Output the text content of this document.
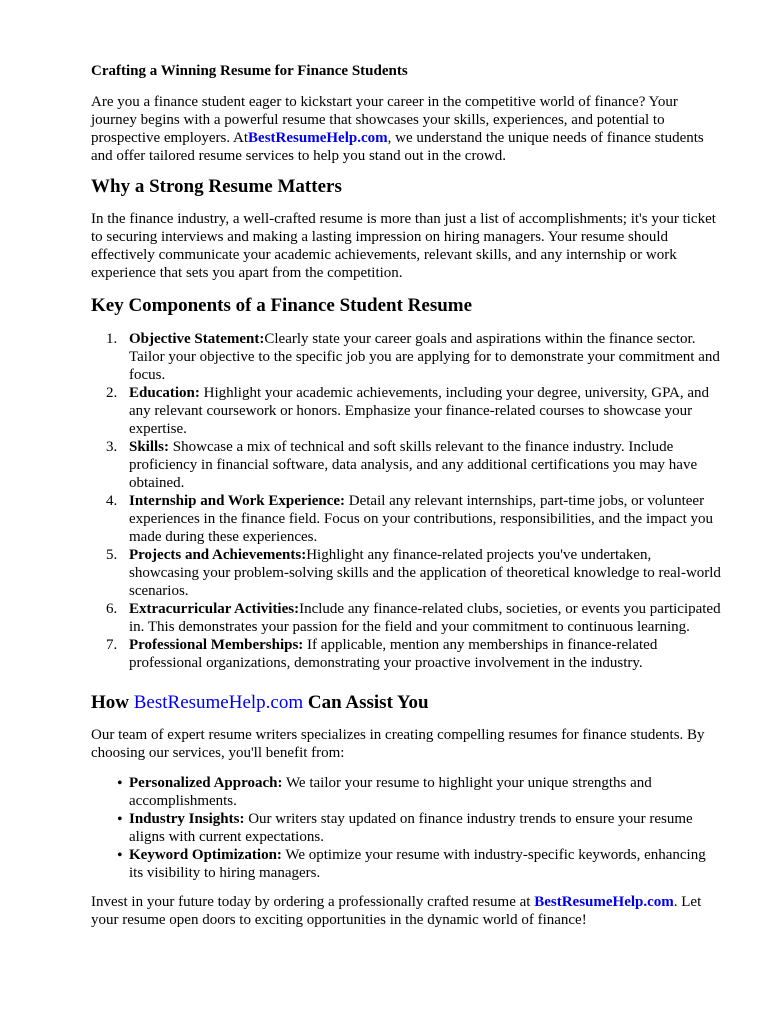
Crafting a Winning Resume for Finance Students

Are you a finance student eager to kickstart your career in the competitive world of finance? Your journey begins with a powerful resume that showcases your skills, experiences, and potential to prospective employers. AtBestResumeHelp.com, we understand the unique needs of finance students and offer tailored resume services to help you stand out in the crowd.

Why a Strong Resume Matters

In the finance industry, a well-crafted resume is more than just a list of accomplishments; it's your ticket to securing interviews and making a lasting impression on hiring managers. Your resume should effectively communicate your academic achievements, relevant skills, and any internship or work experience that sets you apart from the competition.

Key Components of a Finance Student Resume
1. Objective Statement:Clearly state your career goals and aspirations within the finance sector. Tailor your objective to the specific job you are applying for to demonstrate your commitment and focus.
2. Education: Highlight your academic achievements, including your degree, university, GPA, and any relevant coursework or honors. Emphasize your finance-related courses to showcase your expertise.
3. Skills: Showcase a mix of technical and soft skills relevant to the finance industry. Include proficiency in financial software, data analysis, and any additional certifications you may have obtained.
4. Internship and Work Experience: Detail any relevant internships, part-time jobs, or volunteer experiences in the finance field. Focus on your contributions, responsibilities, and the impact you made during these experiences.
5. Projects and Achievements:Highlight any finance-related projects you've undertaken, showcasing your problem-solving skills and the application of theoretical knowledge to real-world scenarios.
6. Extracurricular Activities:Include any finance-related clubs, societies, or events you participated in. This demonstrates your passion for the field and your commitment to continuous learning.
7. Professional Memberships: If applicable, mention any memberships in finance-related professional organizations, demonstrating your proactive involvement in the industry.
How BestResumeHelp.com Can Assist You

Our team of expert resume writers specializes in creating compelling resumes for finance students. By choosing our services, you'll benefit from:

• Personalized Approach: We tailor your resume to highlight your unique strengths and accomplishments.
• Industry Insights: Our writers stay updated on finance industry trends to ensure your resume aligns with current expectations.
• Keyword Optimization: We optimize your resume with industry-specific keywords, enhancing its visibility to hiring managers.

Invest in your future today by ordering a professionally crafted resume at BestResumeHelp.com. Let your resume open doors to exciting opportunities in the dynamic world of finance!
